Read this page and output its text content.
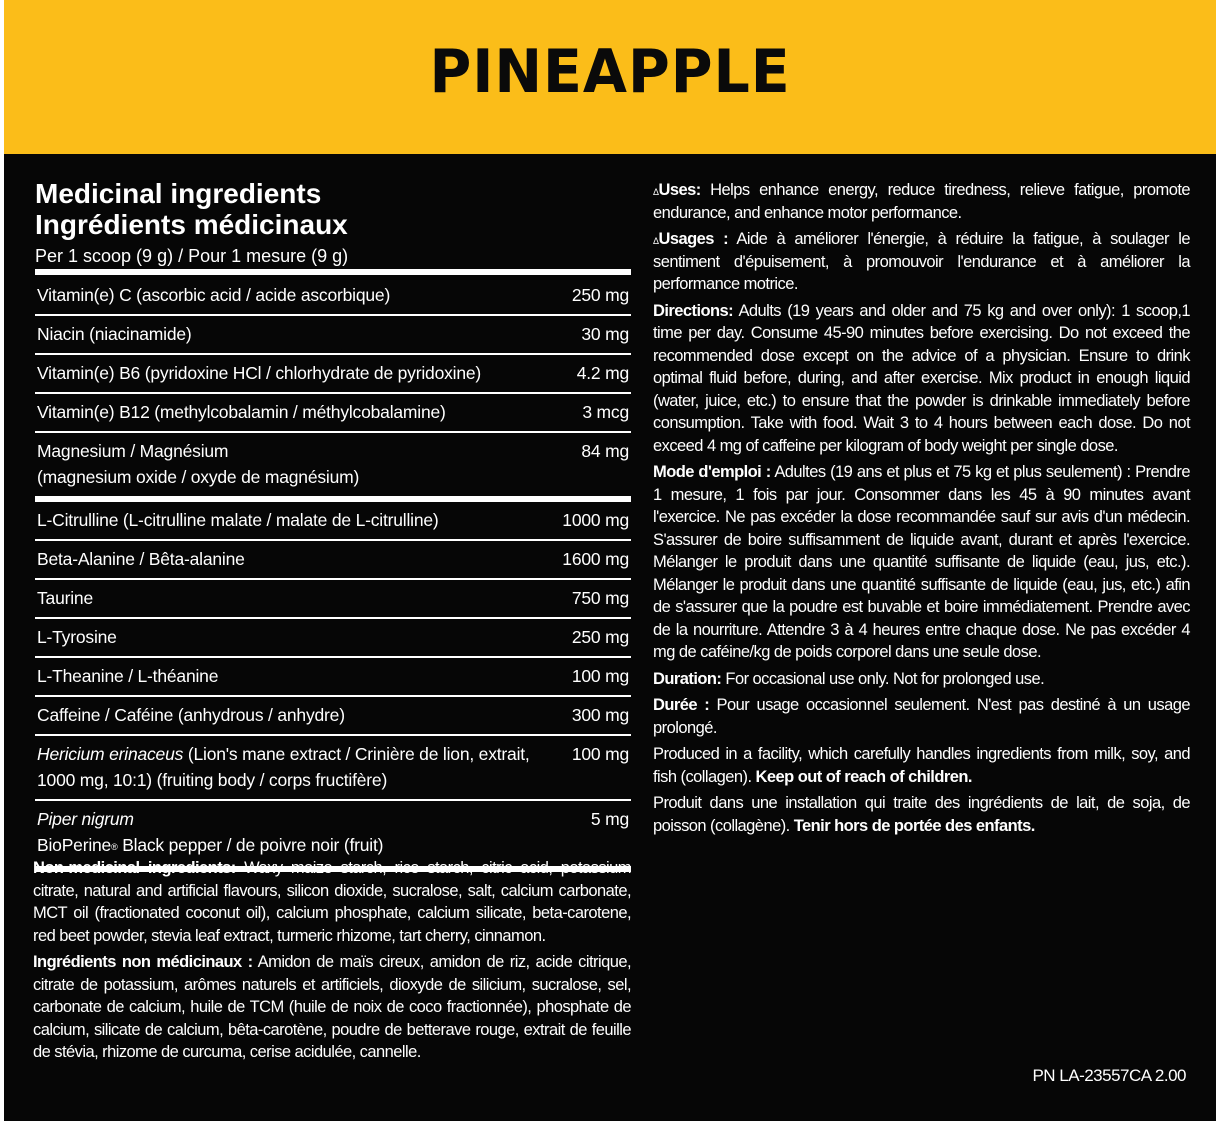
PINEAPPLE
Medicinal ingredients
Ingrédients médicinaux
Per 1 scoop (9 g) / Pour 1 mesure (9 g)
Vitamin(e) C (ascorbic acid / acide ascorbique)	250 mg
Niacin (niacinamide)	30 mg
Vitamin(e) B6 (pyridoxine HCl / chlorhydrate de pyridoxine)	4.2 mg
Vitamin(e) B12 (methylcobalamin / méthylcobalamine)	3 mcg
Magnesium / Magnésium
(magnesium oxide / oxyde de magnésium)
84 mg
L-Citrulline (L-citrulline malate / malate de L-citrulline)	1000 mg
Beta-Alanine / Bêta-alanine	1600 mg
Taurine	750 mg
L-Tyrosine	250 mg
L-Theanine / L-théanine	100 mg
Caffeine / Caféine (anhydrous / anhydre)	300 mg
Hericium erinaceus (Lion's mane extract / Crinière de lion, extrait, 1000 mg, 10:1) (fruiting body / corps fructifère)
100 mg
Piper nigrum
BioPerine® Black pepper / de poivre noir (fruit)
5 mg

Non-medicinal ingredients: Waxy maize starch, rice starch, citric acid, potassium citrate, natural and artificial flavours, silicon dioxide, sucralose, salt, calcium carbonate, MCT oil (fractionated coconut oil), calcium phosphate, calcium silicate, beta-carotene, red beet powder, stevia leaf extract, turmeric rhizome, tart cherry, cinnamon.

Ingrédients non médicinaux : Amidon de maïs cireux, amidon de riz, acide citrique, citrate de potassium, arômes naturels et artificiels, dioxyde de silicium, sucralose, sel, carbonate de calcium, huile de TCM (huile de noix de coco fractionnée), phosphate de calcium, silicate de calcium, bêta-carotène, poudre de betterave rouge, extrait de feuille de stévia, rhizome de curcuma, cerise acidulée, cannelle.

$^\Delta$Uses: Helps enhance energy, reduce tiredness, relieve fatigue, promote endurance, and enhance motor performance.

$^\Delta$Usages : Aide à améliorer l'énergie, à réduire la fatigue, à soulager le sentiment d'épuisement, à promouvoir l'endurance et à améliorer la performance motrice.

Directions: Adults (19 years and older and 75 kg and over only): 1 scoop,1 time per day. Consume 45-90 minutes before exercising. Do not exceed the recommended dose except on the advice of a physician. Ensure to drink optimal fluid before, during, and after exercise. Mix product in enough liquid (water, juice, etc.) to ensure that the powder is drinkable immediately before consumption. Take with food. Wait 3 to 4 hours between each dose. Do not exceed 4 mg of caffeine per kilogram of body weight per single dose.

Mode d'emploi : Adultes (19 ans et plus et 75 kg et plus seulement) : Prendre 1 mesure, 1 fois par jour. Consommer dans les 45 à 90 minutes avant l'exercice. Ne pas excéder la dose recommandée sauf sur avis d'un médecin. S'assurer de boire suffisamment de liquide avant, durant et après l'exercice. Mélanger le produit dans une quantité suffisante de liquide (eau, jus, etc.). Mélanger le produit dans une quantité suffisante de liquide (eau, jus, etc.) afin de s'assurer que la poudre est buvable et boire immédiatement. Prendre avec de la nourriture. Attendre 3 à 4 heures entre chaque dose. Ne pas excéder 4 mg de caféine/kg de poids corporel dans une seule dose.

Duration: For occasional use only. Not for prolonged use.

Durée : Pour usage occasionnel seulement. N'est pas destiné à un usage prolongé.

Produced in a facility, which carefully handles ingredients from milk, soy, and fish (collagen). Keep out of reach of children.

Produit dans une installation qui traite des ingrédients de lait, de soja, de poisson (collagène). Tenir hors de portée des enfants.

PN LA-23557CA 2.00
